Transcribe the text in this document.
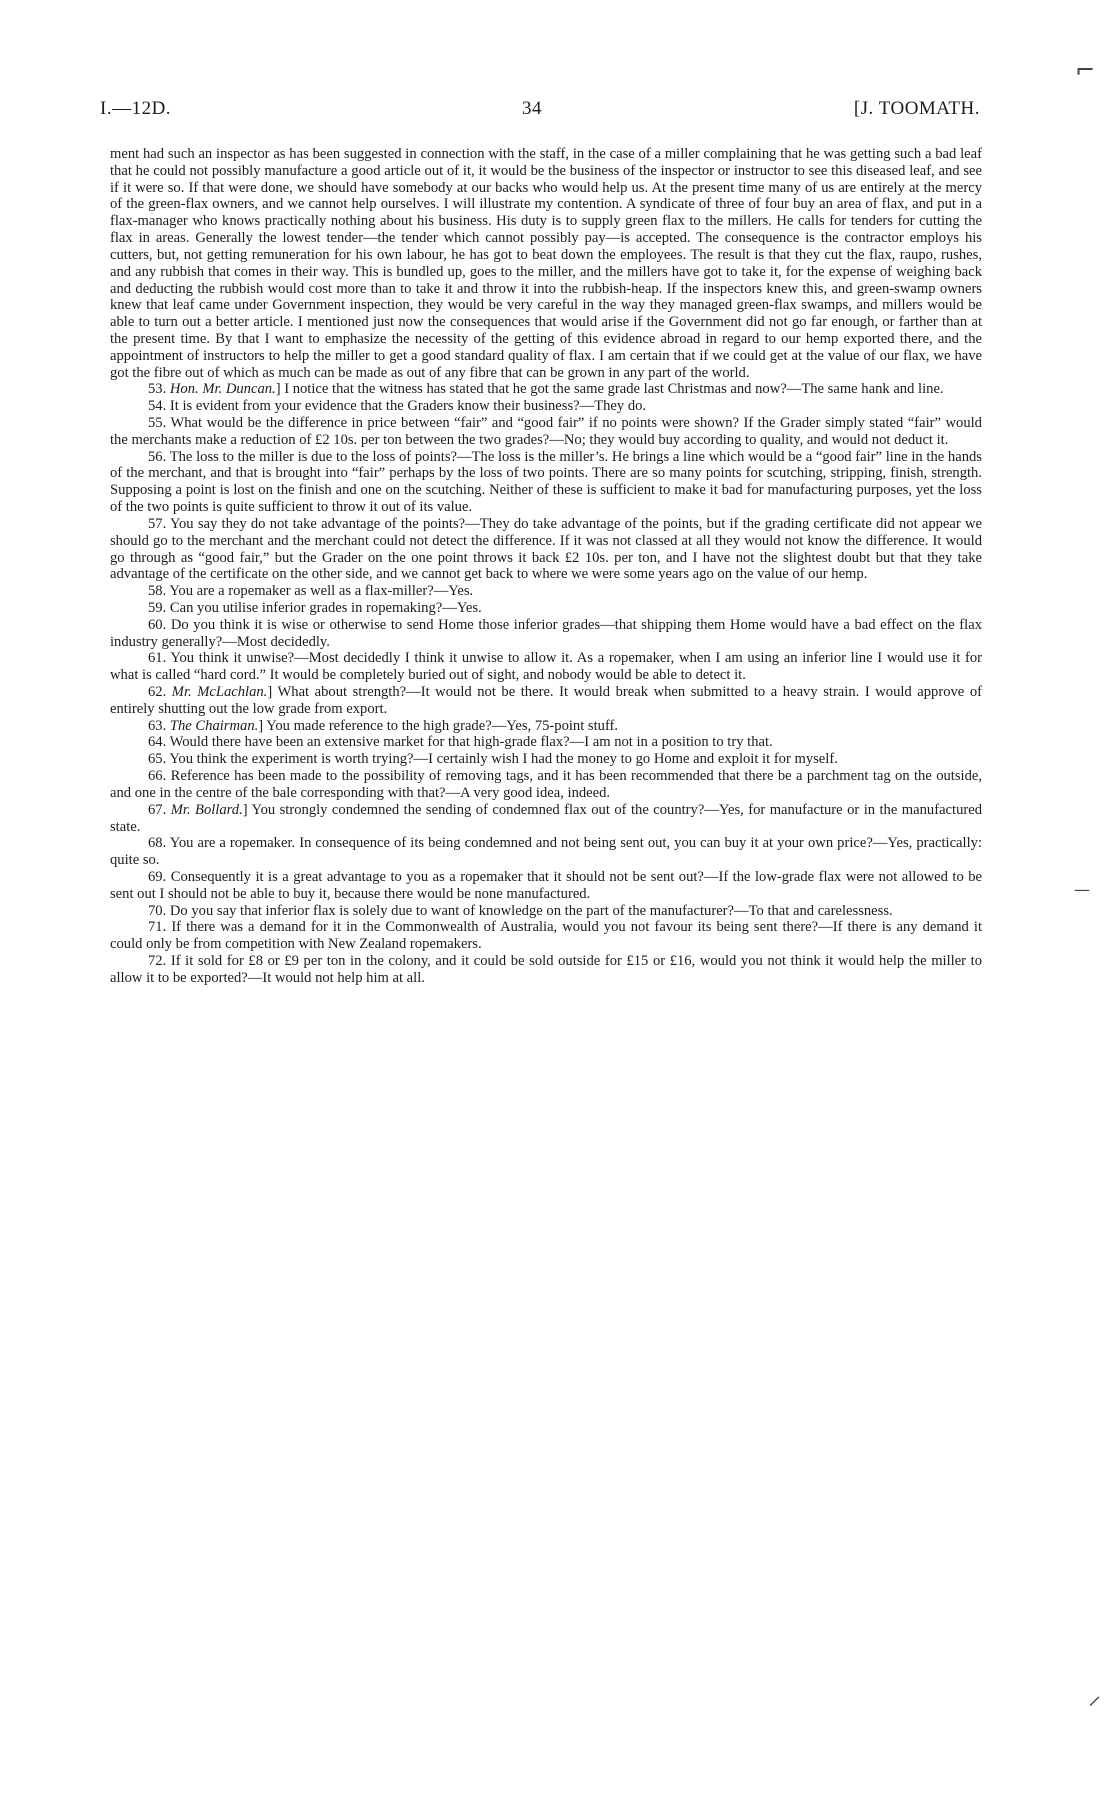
I.—12D.	34	[J. TOOMATH.
⌐
—
⸝

ment had such an inspector as has been suggested in connection with the staff, in the case of a miller complaining that he was getting such a bad leaf that he could not possibly manufacture a good article out of it, it would be the business of the inspector or instructor to see this diseased leaf, and see if it were so. If that were done, we should have somebody at our backs who would help us. At the present time many of us are entirely at the mercy of the green-flax owners, and we cannot help ourselves. I will illustrate my contention. A syndicate of three of four buy an area of flax, and put in a flax-manager who knows practically nothing about his business. His duty is to supply green flax to the millers. He calls for tenders for cutting the flax in areas. Generally the lowest tender—the tender which cannot possibly pay—is accepted. The consequence is the contractor employs his cutters, but, not getting remuneration for his own labour, he has got to beat down the employees. The result is that they cut the flax, raupo, rushes, and any rubbish that comes in their way. This is bundled up, goes to the miller, and the millers have got to take it, for the expense of weighing back and deducting the rubbish would cost more than to take it and throw it into the rubbish-heap. If the inspectors knew this, and green-swamp owners knew that leaf came under Government inspection, they would be very careful in the way they managed green-flax swamps, and millers would be able to turn out a better article. I mentioned just now the consequences that would arise if the Government did not go far enough, or farther than at the present time. By that I want to emphasize the necessity of the getting of this evidence abroad in regard to our hemp exported there, and the appointment of instructors to help the miller to get a good standard quality of flax. I am certain that if we could get at the value of our flax, we have got the fibre out of which as much can be made as out of any fibre that can be grown in any part of the world.

53. Hon. Mr. Duncan.] I notice that the witness has stated that he got the same grade last Christmas and now?—The same hank and line.

54. It is evident from your evidence that the Graders know their business?—They do.

55. What would be the difference in price between “fair” and “good fair” if no points were shown? If the Grader simply stated “fair” would the merchants make a reduction of £2 10s. per ton between the two grades?—No; they would buy according to quality, and would not deduct it.

56. The loss to the miller is due to the loss of points?—The loss is the miller’s. He brings a line which would be a “good fair” line in the hands of the merchant, and that is brought into “fair” perhaps by the loss of two points. There are so many points for scutching, stripping, finish, strength. Supposing a point is lost on the finish and one on the scutching. Neither of these is sufficient to make it bad for manufacturing purposes, yet the loss of the two points is quite sufficient to throw it out of its value.

57. You say they do not take advantage of the points?—They do take advantage of the points, but if the grading certificate did not appear we should go to the merchant and the merchant could not detect the difference. If it was not classed at all they would not know the difference. It would go through as “good fair,” but the Grader on the one point throws it back £2 10s. per ton, and I have not the slightest doubt but that they take advantage of the certificate on the other side, and we cannot get back to where we were some years ago on the value of our hemp.

58. You are a ropemaker as well as a flax-miller?—Yes.

59. Can you utilise inferior grades in ropemaking?—Yes.

60. Do you think it is wise or otherwise to send Home those inferior grades—that shipping them Home would have a bad effect on the flax industry generally?—Most decidedly.

61. You think it unwise?—Most decidedly I think it unwise to allow it. As a ropemaker, when I am using an inferior line I would use it for what is called “hard cord.” It would be completely buried out of sight, and nobody would be able to detect it.

62. Mr. McLachlan.] What about strength?—It would not be there. It would break when submitted to a heavy strain. I would approve of entirely shutting out the low grade from export.

63. The Chairman.] You made reference to the high grade?—Yes, 75-point stuff.

64. Would there have been an extensive market for that high-grade flax?—I am not in a position to try that.

65. You think the experiment is worth trying?—I certainly wish I had the money to go Home and exploit it for myself.

66. Reference has been made to the possibility of removing tags, and it has been recommended that there be a parchment tag on the outside, and one in the centre of the bale corresponding with that?—A very good idea, indeed.

67. Mr. Bollard.] You strongly condemned the sending of condemned flax out of the country?—Yes, for manufacture or in the manufactured state.

68. You are a ropemaker. In consequence of its being condemned and not being sent out, you can buy it at your own price?—Yes, practically: quite so.

69. Consequently it is a great advantage to you as a ropemaker that it should not be sent out?—If the low-grade flax were not allowed to be sent out I should not be able to buy it, because there would be none manufactured.

70. Do you say that inferior flax is solely due to want of knowledge on the part of the manufacturer?—To that and carelessness.

71. If there was a demand for it in the Commonwealth of Australia, would you not favour its being sent there?—If there is any demand it could only be from competition with New Zealand ropemakers.

72. If it sold for £8 or £9 per ton in the colony, and it could be sold outside for £15 or £16, would you not think it would help the miller to allow it to be exported?—It would not help him at all.
